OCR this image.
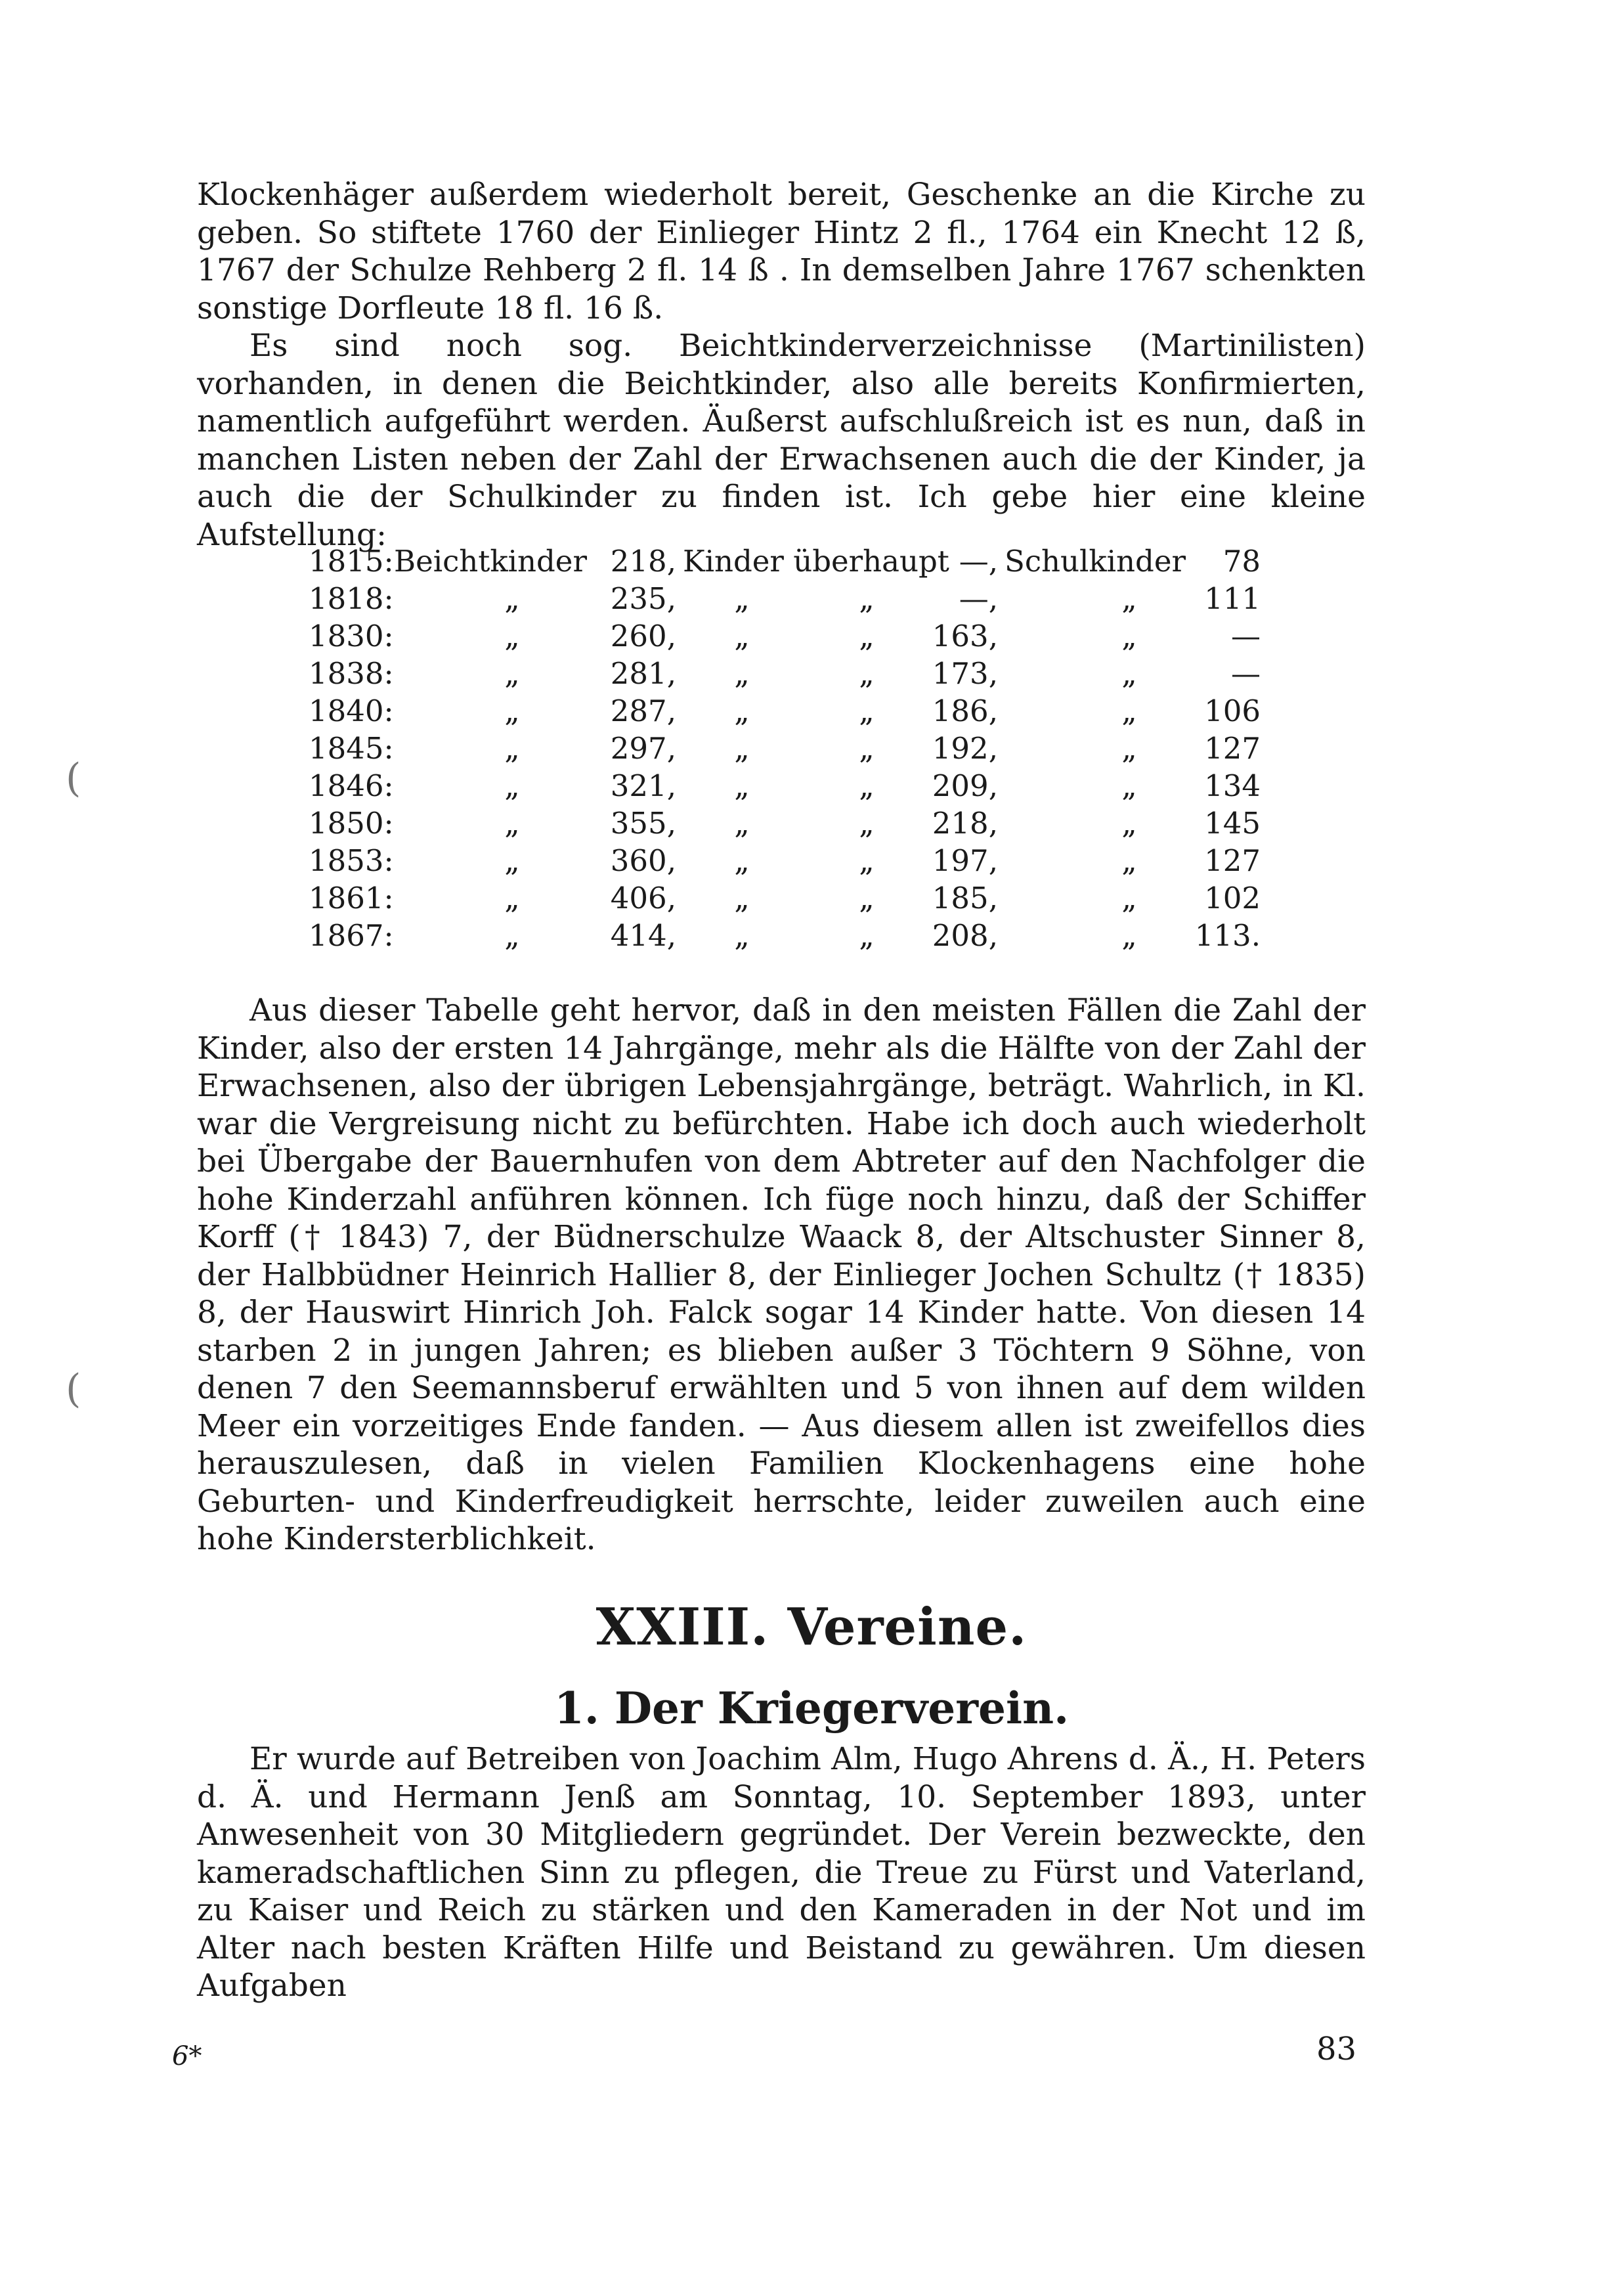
Klockenhäger außerdem wiederholt bereit, Geschenke an die Kirche zu geben. So stiftete 1760 der Einlieger Hintz 2 fl., 1764 ein Knecht 12 ß, 1767 der Schulze Rehberg 2 fl. 14 ß . In demselben Jahre 1767 schenkten sonstige Dorfleute 18 fl. 16 ß.

Es sind noch sog. Beichtkinderverzeichnisse (Martinilisten) vorhanden, in denen die Beichtkinder, also alle bereits Konfirmierten, namentlich aufgeführt werden. Äußerst aufschlußreich ist es nun, daß in manchen Listen neben der Zahl der Erwachsenen auch die der Kinder, ja auch die der Schulkinder zu finden ist. Ich gebe hier eine kleine Aufstellung:

1815: Beichtkinder 218, Kinder überhaupt —, Schulkinder	78
1818:	„	235,	„	„	—,	„	111
1830:	„	260,	„	„	163,	„	—
1838:	„	281,	„	„	173,	„	—
1840:	„	287,	„	„	186,	„	106
1845:	„	297,	„	„	192,	„	127
1846:	„	321,	„	„	209,	„	134
1850:	„	355,	„	„	218,	„	145
1853:	„	360,	„	„	197,	„	127
1861:	„	406,	„	„	185,	„	102
1867:	„	414,	„	„	208,	„	113.

Aus dieser Tabelle geht hervor, daß in den meisten Fällen die Zahl der Kinder, also der ersten 14 Jahrgänge, mehr als die Hälfte von der Zahl der Erwachsenen, also der übrigen Lebensjahrgänge, beträgt. Wahrlich, in Kl. war die Vergreisung nicht zu befürchten. Habe ich doch auch wiederholt bei Übergabe der Bauernhufen von dem Abtreter auf den Nachfolger die hohe Kinderzahl anführen können. Ich füge noch hinzu, daß der Schiffer Korff († 1843) 7, der Büdnerschulze Waack 8, der Altschuster Sinner 8, der Halbbüdner Heinrich Hallier 8, der Einlieger Jochen Schultz († 1835) 8, der Hauswirt Hinrich Joh. Falck sogar 14 Kinder hatte. Von diesen 14 starben 2 in jungen Jahren; es blieben außer 3 Töchtern 9 Söhne, von denen 7 den Seemannsberuf erwählten und 5 von ihnen auf dem wilden Meer ein vorzeitiges Ende fanden. — Aus diesem allen ist zweifellos dies herauszulesen, daß in vielen Familien Klockenhagens eine hohe Geburten- und Kinderfreudigkeit herrschte, leider zuweilen auch eine hohe Kindersterblichkeit.

XXIII. Vereine.
1. Der Kriegerverein.

Er wurde auf Betreiben von Joachim Alm, Hugo Ahrens d. Ä., H. Peters d. Ä. und Hermann Jenß am Sonntag, 10. September 1893, unter Anwesenheit von 30 Mitgliedern gegründet. Der Verein bezweckte, den kameradschaftlichen Sinn zu pflegen, die Treue zu Fürst und Vaterland, zu Kaiser und Reich zu stärken und den Kameraden in der Not und im Alter nach besten Kräften Hilfe und Beistand zu gewähren. Um diesen Aufgaben

6*	83
(
(
